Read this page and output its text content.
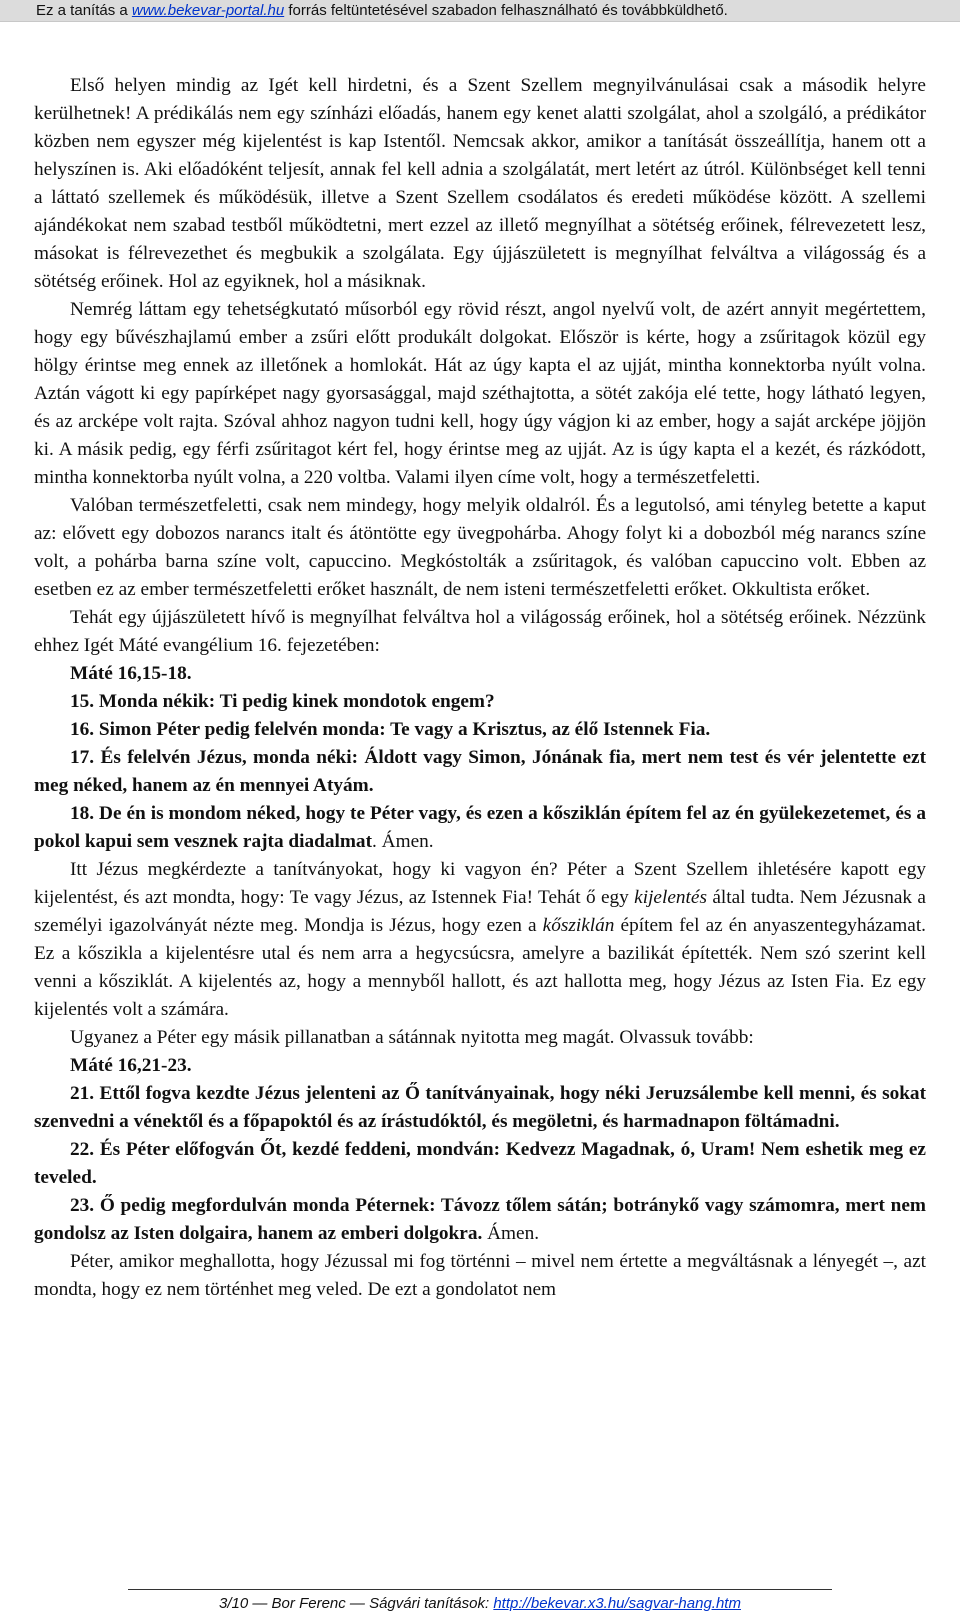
Ez a tanítás a www.bekevar-portal.hu forrás feltüntetésével szabadon felhasználható és továbbküldhető.

Első helyen mindig az Igét kell hirdetni, és a Szent Szellem megnyilvánulásai csak a második helyre kerülhetnek! A prédikálás nem egy színházi előadás, hanem egy kenet alatti szolgálat, ahol a szolgáló, a prédikátor közben nem egyszer még kijelentést is kap Istentől. Nemcsak akkor, amikor a tanítását összeállítja, hanem ott a helyszínen is. Aki előadóként teljesít, annak fel kell adnia a szolgálatát, mert letért az útról. Különbséget kell tenni a láttató szellemek és működésük, illetve a Szent Szellem csodálatos és eredeti működése között. A szellemi ajándékokat nem szabad testből működtetni, mert ezzel az illető megnyílhat a sötétség erőinek, félrevezetett lesz, másokat is félrevezethet és megbukik a szolgálata. Egy újjászületett is megnyílhat felváltva a világosság és a sötétség erőinek. Hol az egyiknek, hol a másiknak.

Nemrég láttam egy tehetségkutató műsorból egy rövid részt, angol nyelvű volt, de azért annyit megértettem, hogy egy bűvészhajlamú ember a zsűri előtt produkált dolgokat. Először is kérte, hogy a zsűritagok közül egy hölgy érintse meg ennek az illetőnek a homlokát. Hát az úgy kapta el az ujját, mintha konnektorba nyúlt volna. Aztán vágott ki egy papírképet nagy gyorsasággal, majd széthajtotta, a sötét zakója elé tette, hogy látható legyen, és az arcképe volt rajta. Szóval ahhoz nagyon tudni kell, hogy úgy vágjon ki az ember, hogy a saját arcképe jöjjön ki. A másik pedig, egy férfi zsűritagot kért fel, hogy érintse meg az ujját. Az is úgy kapta el a kezét, és rázkódott, mintha konnektorba nyúlt volna, a 220 voltba. Valami ilyen címe volt, hogy a természetfeletti.

Valóban természetfeletti, csak nem mindegy, hogy melyik oldalról. És a legutolsó, ami tényleg betette a kaput az: elővett egy dobozos narancs italt és átöntötte egy üvegpohárba. Ahogy folyt ki a dobozból még narancs színe volt, a pohárba barna színe volt, capuccino. Megkóstolták a zsűritagok, és valóban capuccino volt. Ebben az esetben ez az ember természetfeletti erőket használt, de nem isteni természetfeletti erőket. Okkultista erőket.

Tehát egy újjászületett hívő is megnyílhat felváltva hol a világosság erőinek, hol a sötétség erőinek. Nézzünk ehhez Igét Máté evangélium 16. fejezetében:

Máté 16,15-18.

15. Monda nékik: Ti pedig kinek mondotok engem?

16. Simon Péter pedig felelvén monda: Te vagy a Krisztus, az élő Istennek Fia.

17. És felelvén Jézus, monda néki: Áldott vagy Simon, Jónának fia, mert nem test és vér jelentette ezt meg néked, hanem az én mennyei Atyám.

18. De én is mondom néked, hogy te Péter vagy, és ezen a kősziklán építem fel az én gyülekezetemet, és a pokol kapui sem vesznek rajta diadalmat. Ámen.

Itt Jézus megkérdezte a tanítványokat, hogy ki vagyon én? Péter a Szent Szellem ihletésére kapott egy kijelentést, és azt mondta, hogy: Te vagy Jézus, az Istennek Fia! Tehát ő egy kijelentés által tudta. Nem Jézusnak a személyi igazolványát nézte meg. Mondja is Jézus, hogy ezen a kősziklán építem fel az én anyaszentegyházamat. Ez a kőszikla a kijelentésre utal és nem arra a hegycsúcsra, amelyre a bazilikát építették. Nem szó szerint kell venni a kősziklát. A kijelentés az, hogy a mennyből hallott, és azt hallotta meg, hogy Jézus az Isten Fia. Ez egy kijelentés volt a számára.

Ugyanez a Péter egy másik pillanatban a sátánnak nyitotta meg magát. Olvassuk tovább:

Máté 16,21-23.

21. Ettől fogva kezdte Jézus jelenteni az Ő tanítványainak, hogy néki Jeruzsálembe kell menni, és sokat szenvedni a vénektől és a főpapoktól és az írástudóktól, és megöletni, és harmadnapon föltámadni.

22. És Péter előfogván Őt, kezdé feddeni, mondván: Kedvezz Magadnak, ó, Uram! Nem eshetik meg ez teveled.

23. Ő pedig megfordulván monda Péternek: Távozz tőlem sátán; botránykő vagy számomra, mert nem gondolsz az Isten dolgaira, hanem az emberi dolgokra. Ámen.

Péter, amikor meghallotta, hogy Jézussal mi fog történni – mivel nem értette a megváltásnak a lényegét –, azt mondta, hogy ez nem történhet meg veled. De ezt a gondolatot nem

3/10 — Bor Ferenc — Ságvári tanítások: http://bekevar.x3.hu/sagvar-hang.htm
